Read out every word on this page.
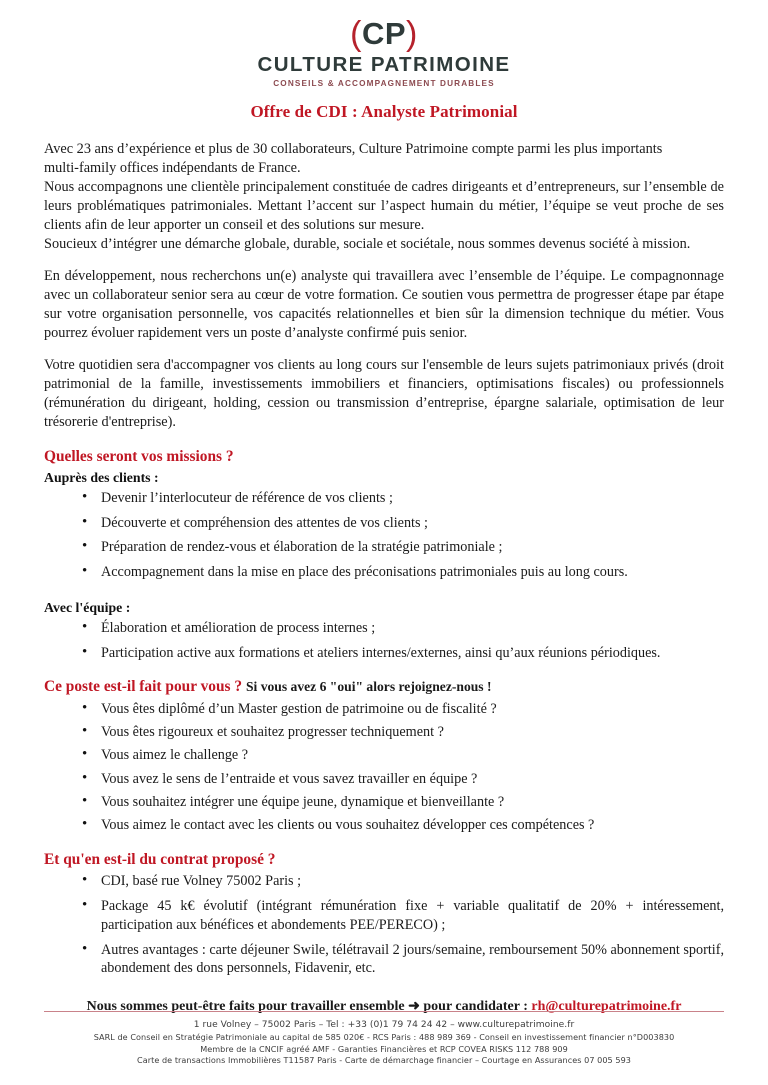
(CP)
CULTURE PATRIMOINE
CONSEILS & ACCOMPAGNEMENT DURABLES
Offre de CDI : Analyste Patrimonial
Avec 23 ans d’expérience et plus de 30 collaborateurs, Culture Patrimoine compte parmi les plus importants
multi-family offices indépendants de France.
Nous accompagnons une clientèle principalement constituée de cadres dirigeants et d’entrepreneurs, sur l’ensemble de leurs problématiques patrimoniales. Mettant l’accent sur l’aspect humain du métier, l’équipe se veut proche de ses clients afin de leur apporter un conseil et des solutions sur mesure.
Soucieux d’intégrer une démarche globale, durable, sociale et sociétale, nous sommes devenus société à mission.
En développement, nous recherchons un(e) analyste qui travaillera avec l’ensemble de l’équipe. Le compagnonnage avec un collaborateur senior sera au cœur de votre formation. Ce soutien vous permettra de progresser étape par étape sur votre organisation personnelle, vos capacités relationnelles et bien sûr la dimension technique du métier. Vous pourrez évoluer rapidement vers un poste d’analyste confirmé puis senior.
Votre quotidien sera d'accompagner vos clients au long cours sur l'ensemble de leurs sujets patrimoniaux privés (droit patrimonial de la famille, investissements immobiliers et financiers, optimisations fiscales) ou professionnels (rémunération du dirigeant, holding, cession ou transmission d’entreprise, épargne salariale, optimisation de leur trésorerie d'entreprise).
Quelles seront vos missions ?
Auprès des clients :
• Devenir l’interlocuteur de référence de vos clients ;
• Découverte et compréhension des attentes de vos clients ;
• Préparation de rendez-vous et élaboration de la stratégie patrimoniale ;
• Accompagnement dans la mise en place des préconisations patrimoniales puis au long cours.
Avec l'équipe :
• Élaboration et amélioration de process internes ;
• Participation active aux formations et ateliers internes/externes, ainsi qu’aux réunions périodiques.
Ce poste est-il fait pour vous ? Si vous avez 6 "oui" alors rejoignez-nous !
• Vous êtes diplômé d’un Master gestion de patrimoine ou de fiscalité ?
• Vous êtes rigoureux et souhaitez progresser techniquement ?
• Vous aimez le challenge ?
• Vous avez le sens de l’entraide et vous savez travailler en équipe ?
• Vous souhaitez intégrer une équipe jeune, dynamique et bienveillante ?
• Vous aimez le contact avec les clients ou vous souhaitez développer ces compétences ?
Et qu'en est-il du contrat proposé ?
• CDI, basé rue Volney 75002 Paris ;
• Package 45 k€ évolutif (intégrant rémunération fixe + variable qualitatif de 20% + intéressement, participation aux bénéfices et abondements PEE/PERECO) ;
• Autres avantages : carte déjeuner Swile, télétravail 2 jours/semaine, remboursement 50% abonnement sportif, abondement des dons personnels, Fidavenir, etc.
Nous sommes peut-être faits pour travailler ensemble ➜ pour candidater : rh@culturepatrimoine.fr
1 rue Volney – 75002 Paris – Tel : +33 (0)1 79 74 24 42 – www.culturepatrimoine.fr
SARL de Conseil en Stratégie Patrimoniale au capital de 585 020€ - RCS Paris : 488 989 369 - Conseil en investissement financier n°D003830
Membre de la CNCIF agréé AMF - Garanties Financières et RCP COVEA RISKS 112 788 909
Carte de transactions Immobilières T11587 Paris - Carte de démarchage financier – Courtage en Assurances 07 005 593
